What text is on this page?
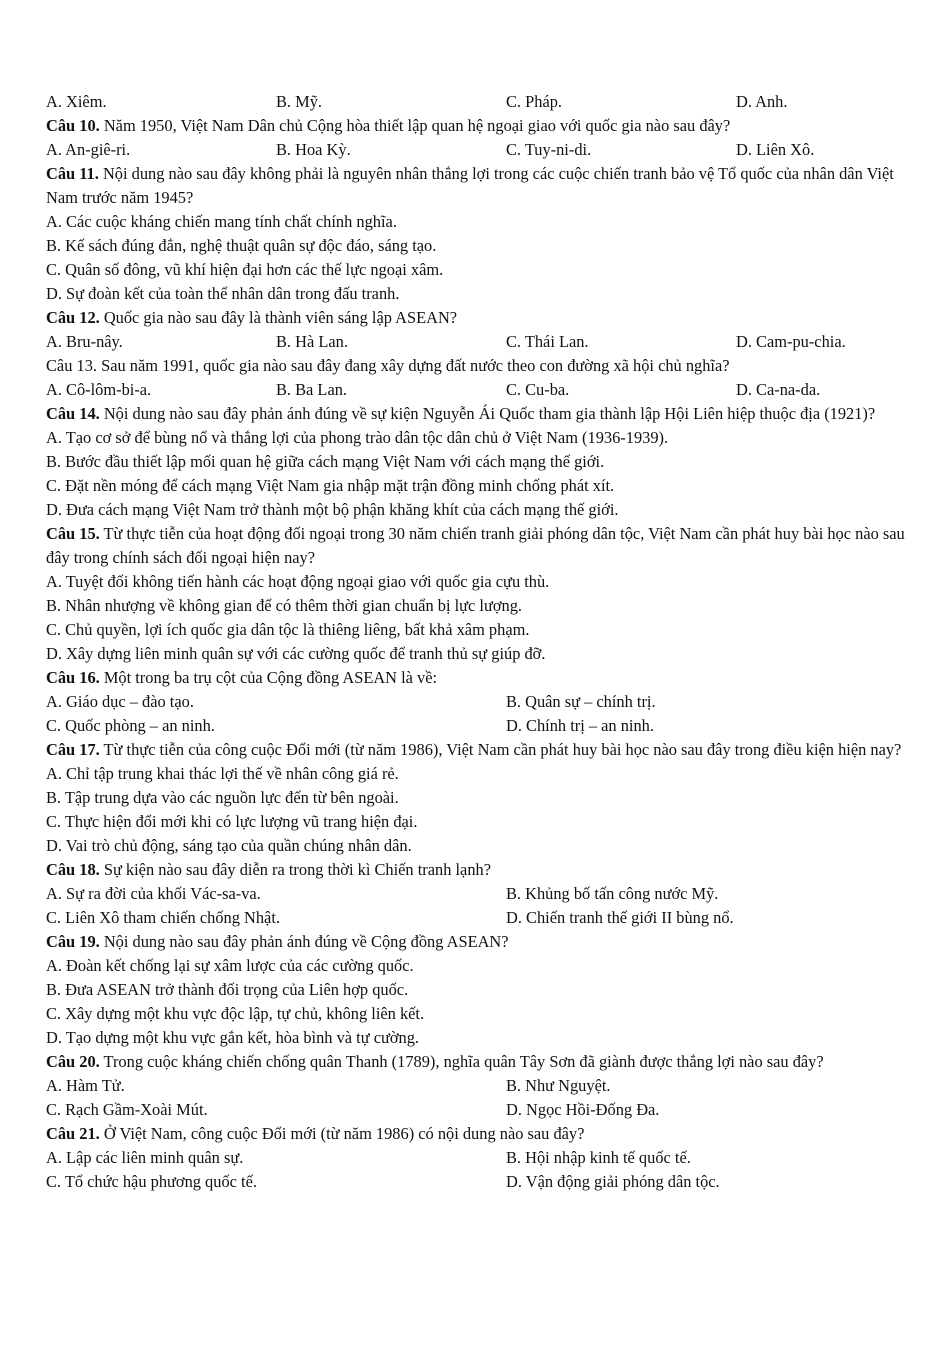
A. Xiêm.	B. Mỹ.	C. Pháp.	D. Anh.
Câu 10. Năm 1950, Việt Nam Dân chủ Cộng hòa thiết lập quan hệ ngoại giao với quốc gia nào sau đây?
A. An-giê-ri.	B. Hoa Kỳ.	C. Tuy-ni-di.	D. Liên Xô.
Câu 11. Nội dung nào sau đây không phải là nguyên nhân thắng lợi trong các cuộc chiến tranh bảo vệ Tổ quốc của nhân dân Việt Nam trước năm 1945?
A. Các cuộc kháng chiến mang tính chất chính nghĩa.
B. Kế sách đúng đắn, nghệ thuật quân sự độc đáo, sáng tạo.
C. Quân số đông, vũ khí hiện đại hơn các thế lực ngoại xâm.
D. Sự đoàn kết của toàn thể nhân dân trong đấu tranh.
Câu 12. Quốc gia nào sau đây là thành viên sáng lập ASEAN?
A. Bru-nây.	B. Hà Lan.	C. Thái Lan.	D. Cam-pu-chia.
Câu 13. Sau năm 1991, quốc gia nào sau đây đang xây dựng đất nước theo con đường xã hội chủ nghĩa?
A. Cô-lôm-bi-a.	B. Ba Lan.	C. Cu-ba.	D. Ca-na-da.
Câu 14. Nội dung nào sau đây phản ánh đúng về sự kiện Nguyễn Ái Quốc tham gia thành lập Hội Liên hiệp thuộc địa (1921)?
A. Tạo cơ sở để bùng nổ và thắng lợi của phong trào dân tộc dân chủ ở Việt Nam (1936-1939).
B. Bước đầu thiết lập mối quan hệ giữa cách mạng Việt Nam với cách mạng thế giới.
C. Đặt nền móng để cách mạng Việt Nam gia nhập mặt trận đồng minh chống phát xít.
D. Đưa cách mạng Việt Nam trở thành một bộ phận khăng khít của cách mạng thế giới.
Câu 15. Từ thực tiễn của hoạt động đối ngoại trong 30 năm chiến tranh giải phóng dân tộc, Việt Nam cần phát huy bài học nào sau đây trong chính sách đối ngoại hiện nay?
A. Tuyệt đối không tiến hành các hoạt động ngoại giao với quốc gia cựu thù.
B. Nhân nhượng về không gian để có thêm thời gian chuẩn bị lực lượng.
C. Chủ quyền, lợi ích quốc gia dân tộc là thiêng liêng, bất khả xâm phạm.
D. Xây dựng liên minh quân sự với các cường quốc để tranh thủ sự giúp đỡ.
Câu 16. Một trong ba trụ cột của Cộng đồng ASEAN là về:
A. Giáo dục – đào tạo.	B. Quân sự – chính trị.
C. Quốc phòng – an ninh.	D. Chính trị – an ninh.
Câu 17. Từ thực tiễn của công cuộc Đổi mới (từ năm 1986), Việt Nam cần phát huy bài học nào sau đây trong điều kiện hiện nay?
A. Chỉ tập trung khai thác lợi thế về nhân công giá rẻ.
B. Tập trung dựa vào các nguồn lực đến từ bên ngoài.
C. Thực hiện đổi mới khi có lực lượng vũ trang hiện đại.
D. Vai trò chủ động, sáng tạo của quần chúng nhân dân.
Câu 18. Sự kiện nào sau đây diễn ra trong thời kì Chiến tranh lạnh?
A. Sự ra đời của khối Vác-sa-va.	B. Khủng bố tấn công nước Mỹ.
C. Liên Xô tham chiến chống Nhật.	D. Chiến tranh thế giới II bùng nổ.
Câu 19. Nội dung nào sau đây phản ánh đúng về Cộng đồng ASEAN?
A. Đoàn kết chống lại sự xâm lược của các cường quốc.
B. Đưa ASEAN trở thành đối trọng của Liên hợp quốc.
C. Xây dựng một khu vực độc lập, tự chủ, không liên kết.
D. Tạo dựng một khu vực gắn kết, hòa bình và tự cường.
Câu 20. Trong cuộc kháng chiến chống quân Thanh (1789), nghĩa quân Tây Sơn đã giành được thắng lợi nào sau đây?
A. Hàm Tử.	B. Như Nguyệt.
C. Rạch Gầm-Xoài Mút.	D. Ngọc Hồi-Đống Đa.
Câu 21. Ở Việt Nam, công cuộc Đổi mới (từ năm 1986) có nội dung nào sau đây?
A. Lập các liên minh quân sự.	B. Hội nhập kinh tế quốc tế.
C. Tổ chức hậu phương quốc tế.	D. Vận động giải phóng dân tộc.
